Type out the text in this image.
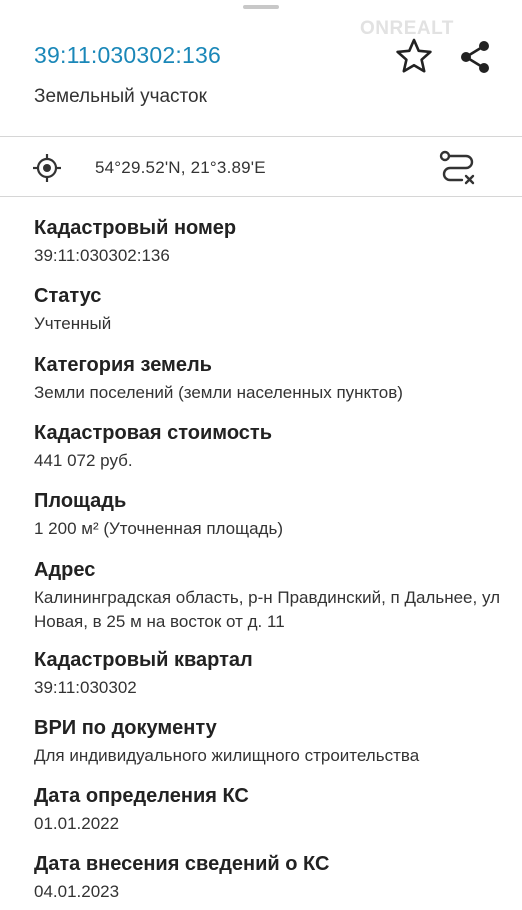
ONREALT
39:11:030302:136
Земельный участок
54°29.52'N, 21°3.89'E
Кадастровый номер
39:11:030302:136
Статус
Учтенный
Категория земель
Земли поселений (земли населенных пунктов)
Кадастровая стоимость
441 072 руб.
Площадь
1 200 м² (Уточненная площадь)
Адрес
Калининградская область, р-н Правдинский, п Дальнее, ул Новая, в 25 м на восток от д. 11
Кадастровый квартал
39:11:030302
ВРИ по документу
Для индивидуального жилищного строительства
Дата определения КС
01.01.2022
Дата внесения сведений о КС
04.01.2023
